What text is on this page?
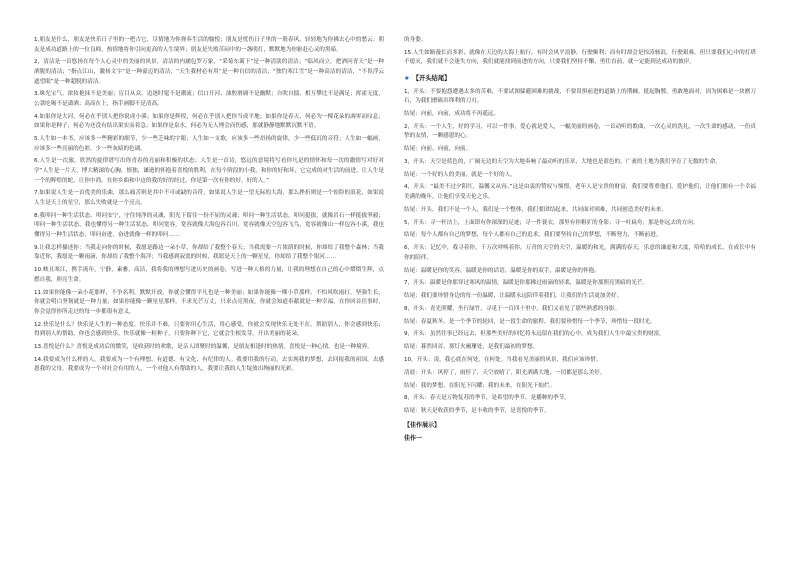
1.朋友是什么，朋友是快乐日子里的一把吉它，尽情地为你弹奏生活的愉悦；朋友是忧伤日子里的一股春风，轻轻地为你拂去心中的愁云。朋友是成功道路上的一位良师，热情地将你引向更高的人生境界；朋友是失败苦闷中的一盏明灯，默默地为你驱赶心灵的黑暗。

2，清洁是一首悠扬在每个人心灵中的美丽的风景。清洁的内涵包罗万象，“采菊东篱下”是一种清淡的清洁；“临风而立，把酒问青天”是一种洒脱的清洁；“指点江山，激扬文字”是一种豪迈的清洁；“天生我材必有用”是一种自信的清洁；“独钓寒江雪”是一种高洁的清洁，“不畏浮云遮望眼”是一种超脱的清洁。

3.珠光宝气、浓妆艳抹不是美丽；盲目从众、追逐时髦不是潮流；信口开河、油腔滑调不是幽默；自吹自擂，相互攀比不是满足；挥霍无度，公款吃喝不是潇洒；高高在上，指手画脚不是清高。

4.如果你是大河，何必在乎别人把你说成小溪；如果你是辉煌，何必在乎别人把你当成平地；如果你是春天，何必为一棵花朵的凋零而叹息；如果你是种子，何必为还没有结出果实而着急；如果你是泉水，何必为无人理会而伤感，那就静静地默默沉默不语。

5.人生如一本书，应该多一些精彩的细节，少一些乏味的字眼；人生如一支歌，应该多一些昂扬的旋律，少一些低沉的音符；人生如一幅画，应该多一些亮丽的色彩，少一些灰暗的色调。

6.人生是一次旅，欣然的旋律谱写出你青春的亮丽和积极的状态；人生是一首诗，悠远的意境将写看你凡是的情怀和每一次的激情写对好对学“人生是一片天，博大精深的心胸，慎独，谦逊的怀抱着喜悦的胜利，在每个阶段的小我，和你的好和坏，它完成的对生活的前进，让人生是一个的辉煌的蛇，让你中尚，在你乡曲和中这的我的好的经过，你是第一次有你的好，好的人。”

7.如果说人生是一首优美的乐曲，那么痛苦则是其中不可或缺的音符，如果说人生是一望无际的大海，那么挫折则是一个惊险的浪花，如果说人生是天上的星空，那么失败就是一个亮点。

8.我叩问一种生活状态。叩问安宁，守住纯净的灵魂，阳光下留住一份不屈的灵魂；叩问一种生活状态，叩问挺拔，就像岩石一样挺拔坚毅；叩问一种生活状态，我也懂得另一种生活状态，叩问宽容，宽容就像大海包容百川，宽容就像天空包容飞鸟，宽容就像山一样包容小溪，我也懂得另一种生活状态，叩问奋进，奋进就像一样的叩问……

9.让我怎样描述你：当我走向你的时候，我愿是路边一朵小草，你却给了我整个春天；当我需要一片浓荫的时候，你却给了我整个森林；当我靠近你，我愿是一颗雨滴，你却给了我整个海洋；当我感到寂寞的时候，我愿是天上的一颗星星，你却给了我整个银河……

10.峡且寒江，携手流年，宁静，素雅，高洁，我将我的理想写进历史的画卷，写进一种人格的力量，让我的理想在自己的心中熠熠生辉，点燃自我，照亮生命。

11.如果你能像一朵小花那样，不争名利，默默开放，你就会懂得平凡也是一种美丽；如果你能像一棵小草那样，不怕风吹雨打，坚强生长，你就会明白坚韧就是一种力量；如果你能像一颗星星那样，不求光芒万丈，只求点亮黑夜，你就会知道奉献就是一种幸福。在你回首往事时，你会觉得你所走过的每一步都很有意义。

12.快乐是什么？快乐是人生的一种态度。快乐并不难，只要你用心生活，用心感受，你就会发现快乐无处不在。帮助别人，你会感到快乐；得到别人的帮助，你也会感到快乐。快乐就像一粒种子，只要你种下它，它就会生根发芽，开出美丽的花朵。

13.喜悦是什么？喜悦是成功后的微笑，是收获时的欢歌，是亲人团聚时的温馨，是朋友相逢时的热情。喜悦是一种心情，也是一种境界。

14.我要成为什么样的人，我要成为一个有理想、有道德、有文化、有纪律的人。我要用我的行动，去实现我的梦想，去回报我的祖国，去感恩我的父母。我要成为一个对社会有用的人，一个对他人有帮助的人，我要让我的人生绽放出绚丽的光彩。

的身姿。

15.人生如路漫长而多彩，就像在天边的大海上航行，有时会风平浪静，行驶顺利；而有时却会是惊涛骇浪，行驶艰难。但只要我们心中的灯塔不熄灭，我们就不会迷失方向，我们就能找到前进的方向，只要我们坚持不懈，勇往直前，就一定能到达成功的彼岸。

★ 【开头结尾】

1，开头：不要抱怨遭遇太多的苦难，不要试图躲避困难的挑战，不要畏惧前进的道路上的荆棘。挺起胸膛，勇敢地面对，因为困难是一块磨刀石，为我们磨砺出锋利的刀刃。

结尾：向前，向前，成功将不再遥远。

2，开头：一个人生，好的学习，可以一件事，爱心就是爱人，一幅美丽的画卷，一首动听的歌曲，一次心灵的洗礼，一次生命的感动，一份真挚的友情，一颗感恩的心。

结尾：向前，向前，向前。

3，开头：天空是蓝色的，广阔无边的天空为大地奏响了最动听的乐章，大地也是蓝色的，广袤的土地为我们孕育了无数的生命。

结尾：一个好的人的美丽，就是一个好的人。

4，开头：“最美不过夕阳红，温馨又从容。”这是由衷的赞叹与憧憬，老年人是宝贵的财富，我们要尊重他们，爱护他们，让他们拥有一个幸福美满的晚年，让他们享受天伦之乐。

结尾：开头，我们不是一个人，我们是一个整体，我们要团结起来，共同面对困难，共同创造美好的未来。

5，开头：寻一杆沽上，上面即有你深深的足迹；寻一件蓑衣，那里有你粗犷的身影；寻一叶扁舟，那是你远去的方向。

结尾：每个人都有自己的梦想，每个人都有自己的追求，我们要坚持自己的梦想，不断努力，不断前进。

6，开头：记忆中，我寻着你，千万次呼唤着你，万青的天空的天空，温暖的和光，满满的春天，乐意的谦虚和大度，哈哈的成长，在成长中有你的陪伴。

结尾：温暖是你的笑容，温暖是你的话语，温暖是你的双手，温暖是你的怀抱。

7，开头：温暖是你那穿过寒风的温情，温暖是你那拂过雨滴的轻柔，温暖是你那照亮黑暗的光芒。

结尾：我们要珍惜身边的每一份温暖，让温暖永远陪伴着我们，让我们的生活更加美好。

8，开头：青光照耀，坐行绿竹，寻觅于一百四十里中，我们又看见了那些熟悉的身影。

结尾：春夏秋冬，是一个季节的轮回，是一段生命的旅程，我们要珍惜每一个季节，珍惜每一段时光。

9，开头：虽然往事已经远去，但那些美好的回忆将永远留在我们的心中，成为我们人生中最宝贵的财富。

结尾：暮然回首，那灯火阑珊处，是我们最初的梦想。

10，开头：凌，我心底在何处，在何处。当我看见美丽的风景，我们应该珍惜。

清晨：开头：风停了，雨停了，天空放晴了，阳光洒满大地，一切都是那么美好。

结尾：我的梦想，在阳光下闪耀；我的未来，在阳光下灿烂。

8，开头：春天是万物复苏的季节，是希望的季节，是播种的季节。

结尾：秋天是收获的季节，是丰收的季节，是喜悦的季节。

【佳作展示】
佳作一
